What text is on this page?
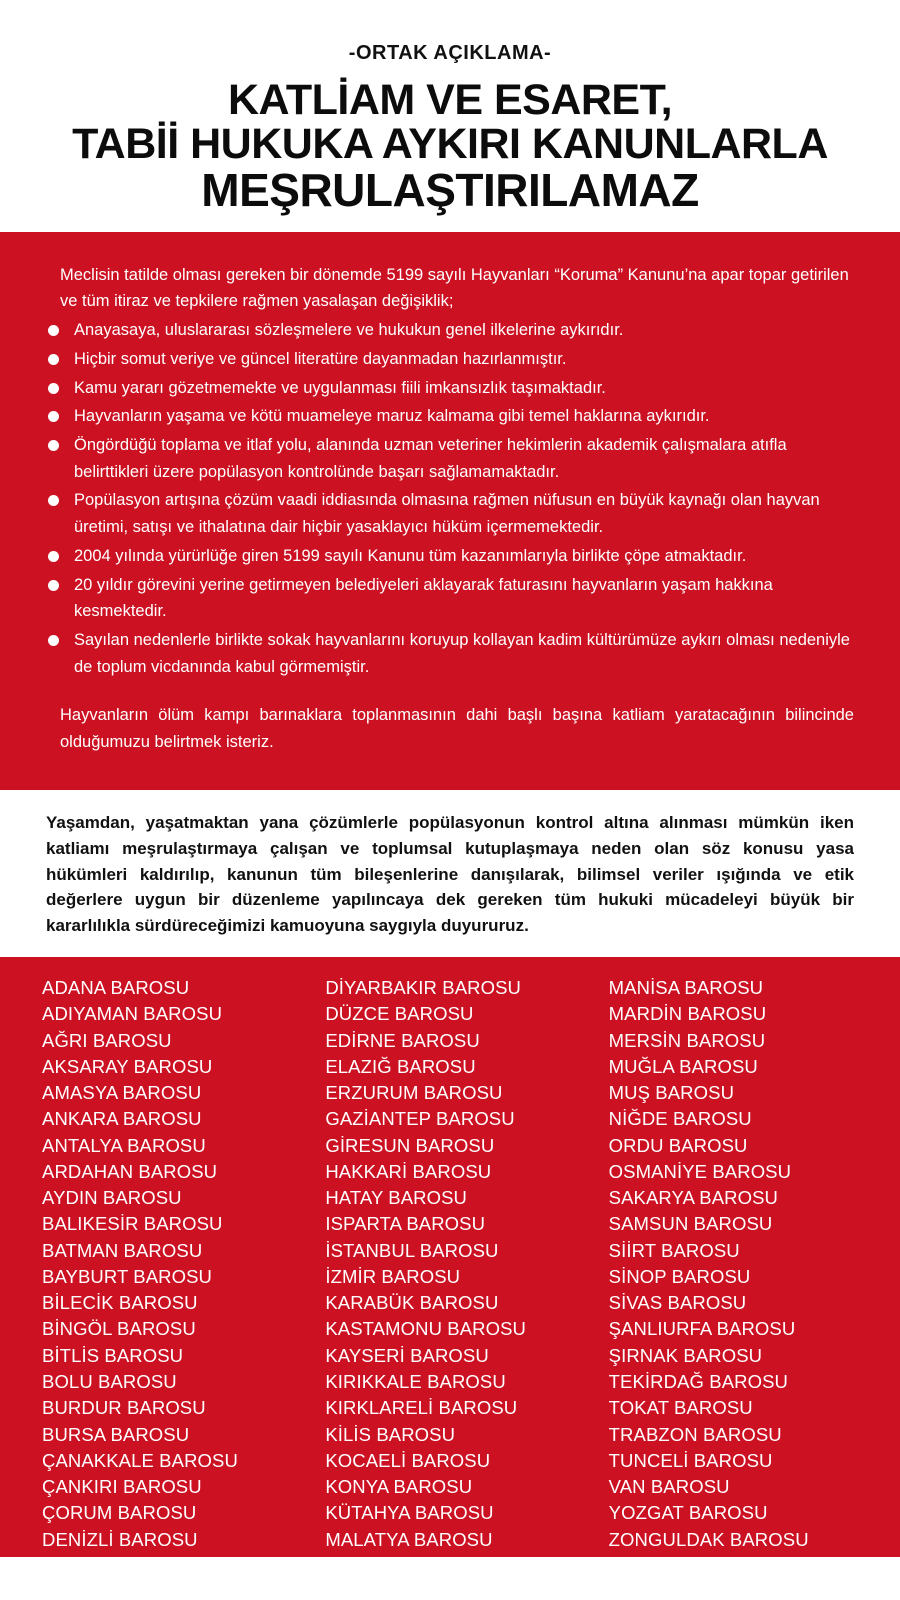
-ORTAK AÇIKLAMA-
KATLİAM VE ESARET,
TABİİ HUKUKA AYKIRI KANUNLARLA
MEŞRULAŞTIRILAMAZ

Meclisin tatilde olması gereken bir dönemde 5199 sayılı Hayvanları “Koruma” Kanunu’na apar topar getirilen ve tüm itiraz ve tepkilere rağmen yasalaşan değişiklik;

Anayasaya, uluslararası sözleşmelere ve hukukun genel ilkelerine aykırıdır.
Hiçbir somut veriye ve güncel literatüre dayanmadan hazırlanmıştır.
Kamu yararı gözetmemekte ve uygulanması fiili imkansızlık taşımaktadır.
Hayvanların yaşama ve kötü muameleye maruz kalmama gibi temel haklarına aykırıdır.
Öngördüğü toplama ve itlaf yolu, alanında uzman veteriner hekimlerin akademik çalışmalara atıfla belirttikleri üzere popülasyon kontrolünde başarı sağlamamaktadır.
Popülasyon artışına çözüm vaadi iddiasında olmasına rağmen nüfusun en büyük kaynağı olan hayvan üretimi, satışı ve ithalatına dair hiçbir yasaklayıcı hüküm içermemektedir.
2004 yılında yürürlüğe giren 5199 sayılı Kanunu tüm kazanımlarıyla birlikte çöpe atmaktadır.
20 yıldır görevini yerine getirmeyen belediyeleri aklayarak faturasını hayvanların yaşam hakkına kesmektedir.
Sayılan nedenlerle birlikte sokak hayvanlarını koruyup kollayan kadim kültürümüze aykırı olması nedeniyle de toplum vicdanında kabul görmemiştir.

Hayvanların ölüm kampı barınaklara toplanmasının dahi başlı başına katliam yaratacağının bilincinde olduğumuzu belirtmek isteriz.

Yaşamdan, yaşatmaktan yana çözümlerle popülasyonun kontrol altına alınması mümkün iken katliamı meşrulaştırmaya çalışan ve toplumsal kutuplaşmaya neden olan söz konusu yasa hükümleri kaldırılıp, kanunun tüm bileşenlerine danışılarak, bilimsel veriler ışığında ve etik değerlere uygun bir düzenleme yapılıncaya dek gereken tüm hukuki mücadeleyi büyük bir kararlılıkla sürdüreceğimizi kamuoyuna saygıyla duyururuz.
ADANA BAROSU
ADIYAMAN BAROSU
AĞRI BAROSU
AKSARAY BAROSU
AMASYA BAROSU
ANKARA BAROSU
ANTALYA BAROSU
ARDAHAN BAROSU
AYDIN BAROSU
BALIKESİR BAROSU
BATMAN BAROSU
BAYBURT BAROSU
BİLECİK BAROSU
BİNGÖL BAROSU
BİTLİS BAROSU
BOLU BAROSU
BURDUR BAROSU
BURSA BAROSU
ÇANAKKALE BAROSU
ÇANKIRI BAROSU
ÇORUM BAROSU
DENİZLİ BAROSU
DİYARBAKIR BAROSU
DÜZCE BAROSU
EDİRNE BAROSU
ELAZIĞ BAROSU
ERZURUM BAROSU
GAZİANTEP BAROSU
GİRESUN BAROSU
HAKKARİ BAROSU
HATAY BAROSU
ISPARTA BAROSU
İSTANBUL BAROSU
İZMİR BAROSU
KARABÜK BAROSU
KASTAMONU BAROSU
KAYSERİ BAROSU
KIRIKKALE BAROSU
KIRKLARELİ BAROSU
KİLİS BAROSU
KOCAELİ BAROSU
KONYA BAROSU
KÜTAHYA BAROSU
MALATYA BAROSU
MANİSA BAROSU
MARDİN BAROSU
MERSİN BAROSU
MUĞLA BAROSU
MUŞ BAROSU
NİĞDE BAROSU
ORDU BAROSU
OSMANİYE BAROSU
SAKARYA BAROSU
SAMSUN BAROSU
SİİRT BAROSU
SİNOP BAROSU
SİVAS BAROSU
ŞANLIURFA BAROSU
ŞIRNAK BAROSU
TEKİRDAĞ BAROSU
TOKAT BAROSU
TRABZON BAROSU
TUNCELİ BAROSU
VAN BAROSU
YOZGAT BAROSU
ZONGULDAK BAROSU
